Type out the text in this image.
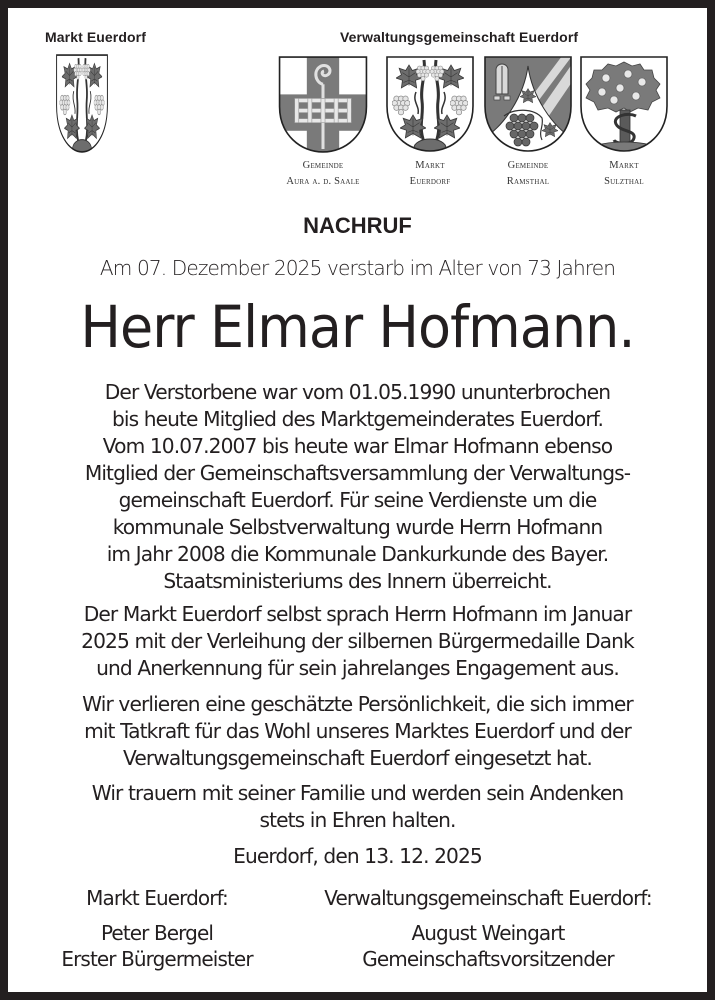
Markt Euerdorf	Verwaltungsgemeinschaft Euerdorf
Gemeinde
Aura a. d. Saale
Markt
Euerdorf
Gemeinde
Ramsthal
Markt
Sulzthal
NACHRUF
Am 07. Dezember 2025 verstarb im Alter von 73 Jahren
Herr Elmar Hofmann.
Der Verstorbene war vom 01.05.1990 ununterbrochen
bis heute Mitglied des Marktgemeinderates Euerdorf.
Vom 10.07.2007 bis heute war Elmar Hofmann ebenso
Mitglied der Gemeinschaftsversammlung der Verwaltungs-
gemeinschaft Euerdorf. Für seine Verdienste um die
kommunale Selbstverwaltung wurde Herrn Hofmann
im Jahr 2008 die Kommunale Dankurkunde des Bayer.
Staatsministeriums des Innern überreicht.
Der Markt Euerdorf selbst sprach Herrn Hofmann im Januar
2025 mit der Verleihung der silbernen Bürgermedaille Dank
und Anerkennung für sein jahrelanges Engagement aus.
Wir verlieren eine geschätzte Persönlichkeit, die sich immer
mit Tatkraft für das Wohl unseres Marktes Euerdorf und der
Verwaltungsgemeinschaft Euerdorf eingesetzt hat.
Wir trauern mit seiner Familie und werden sein Andenken
stets in Ehren halten.
Euerdorf, den 13. 12. 2025
Markt Euerdorf:	Verwaltungsgemeinschaft Euerdorf:
Peter Bergel
Erster Bürgermeister
August Weingart
Gemeinschaftsvorsitzender
